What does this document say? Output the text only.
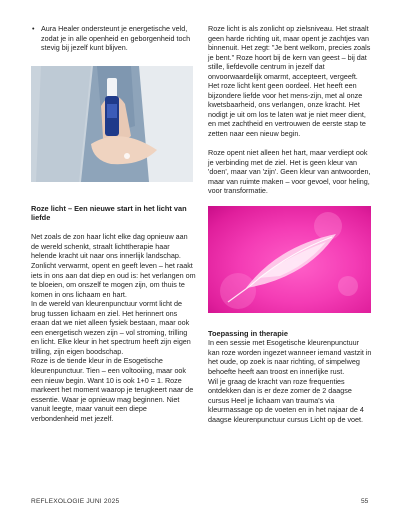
• Aura Healer ondersteunt je energetische veld, zodat je in alle openheid en geborgenheid toch stevig bij jezelf kunt blijven.
Roze licht – Een nieuwe start in het licht van liefde

Net zoals de zon haar licht elke dag opnieuw aan de wereld schenkt, straalt lichttherapie haar helende kracht uit naar ons innerlijk landschap. Zonlicht verwarmt, opent en geeft leven – het raakt iets in ons aan dat diep en oud is: het verlangen om te bloeien, om onszelf te mogen zijn, om thuis te komen in ons lichaam en hart.

In de wereld van kleurenpunctuur vormt licht de brug tussen lichaam en ziel. Het herinnert ons eraan dat we niet alleen fysiek bestaan, maar ook een energetisch wezen zijn – vol stroming, trilling en licht. Elke kleur in het spectrum heeft zijn eigen trilling, zijn eigen boodschap.

Roze is de tiende kleur in de Esogetische kleurenpunctuur. Tien – een voltooiing, maar ook een nieuw begin. Want 10 is ook 1+0 = 1. Roze markeert het moment waarop je terugkeert naar de essentie. Waar je opnieuw mag beginnen. Niet vanuit leegte, maar vanuit een diepe verbondenheid met jezelf.

Roze licht is als zonlicht op zielsniveau. Het straalt geen harde richting uit, maar opent je zachtjes van binnenuit. Het zegt: "Je bent welkom, precies zoals je bent." Roze hoort bij de kern van geest – bij dat stille, liefdevolle centrum in jezelf dat onvoorwaardelijk omarmt, accepteert, vergeeft.

Het roze licht kent geen oordeel. Het heeft een bijzondere liefde voor het mens-zijn, met al onze kwetsbaarheid, ons verlangen, onze kracht. Het nodigt je uit om los te laten wat je niet meer dient, en met zachtheid en vertrouwen de eerste stap te zetten naar een nieuw begin.

Roze opent niet alleen het hart, maar verdiept ook je verbinding met de ziel. Het is geen kleur van 'doen', maar van 'zijn'. Geen kleur van antwoorden, maar van ruimte maken – voor gevoel, voor heling, voor transformatie.

Toepassing in therapie

In een sessie met Esogetische kleurenpunctuur kan roze worden ingezet wanneer iemand vastzit in het oude, op zoek is naar richting, of simpelweg behoefte heeft aan troost en innerlijke rust.

Wil je graag de kracht van roze frequenties ontdekken dan is er deze zomer de 2 daagse cursus Heel je lichaam van trauma's via kleurmassage op de voeten en in het najaar de 4 daagse kleurenpunctuur cursus Licht op de voet.

REFLEXOLOGIE JUNI 2025	55
